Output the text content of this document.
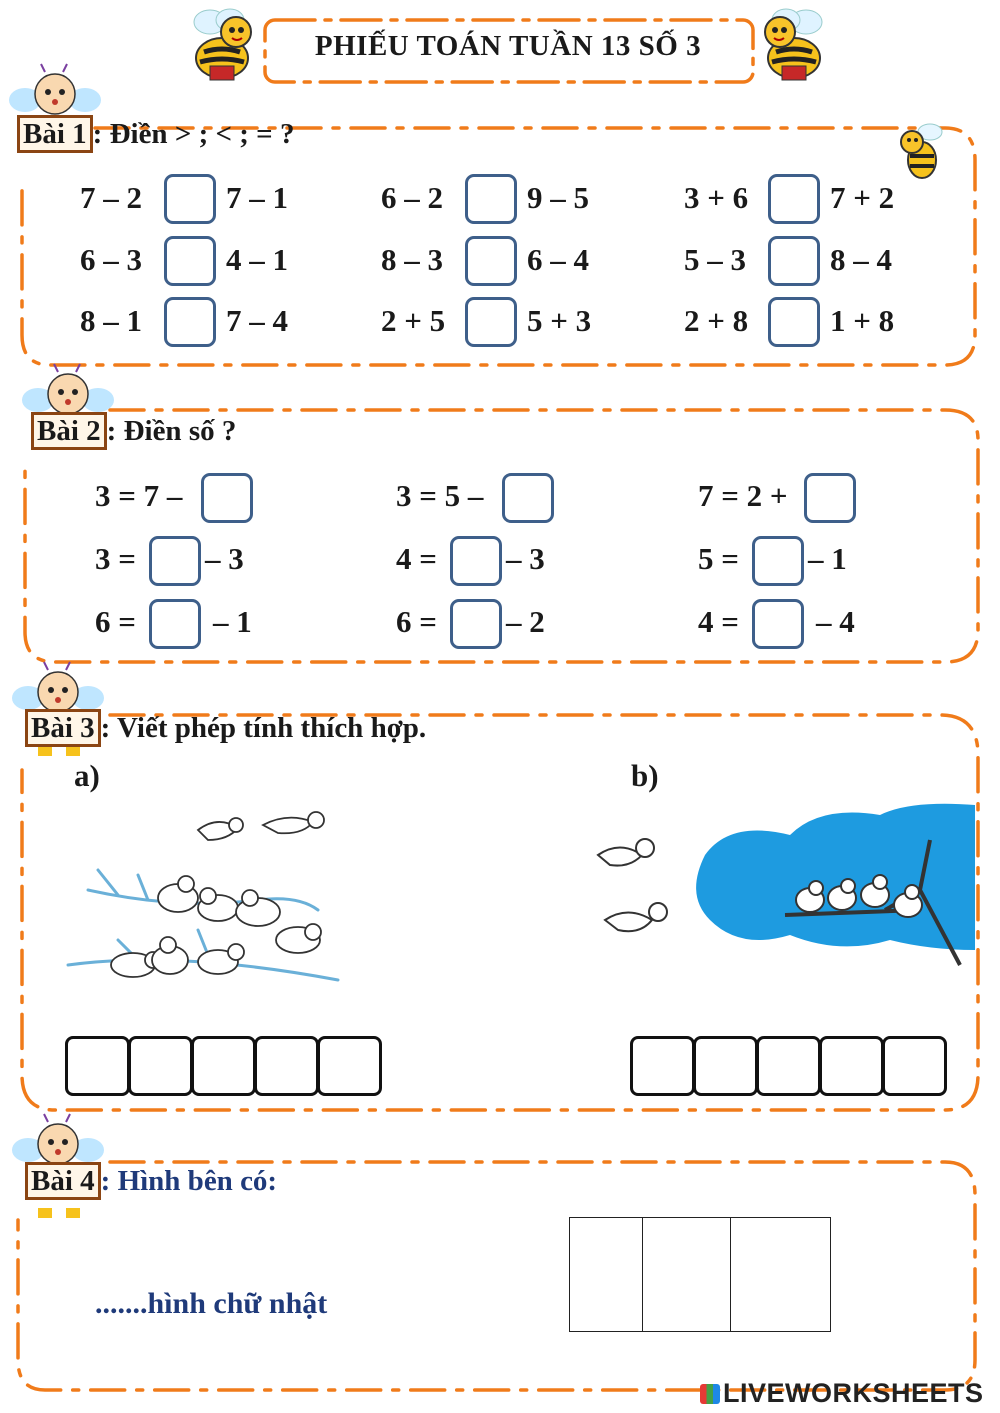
PHIẾU TOÁN TUẦN 13 SỐ 3
Bài 1 : Điền > ; < ; = ?
7 – 2	7 – 1	6 – 2	9 – 5	3 + 6	7 + 2
6 – 3	4 – 1	8 – 3	6 – 4	5 – 3	8 – 4
8 – 1	7 – 4	2 + 5	5 + 3	2 + 8	1 + 8
Bài 2 : Điền số ?
3 = 7 –	3 = 5 –	7 = 2 +
3 = – 3	4 = – 3	5 = – 1
6 = – 1	6 = – 2	4 = – 4
Bài 3 : Viết phép tính thích hợp.
a)	b)
Bài 4 : Hình bên có:
.......hình chữ nhật
LIVEWORKSHEETS
